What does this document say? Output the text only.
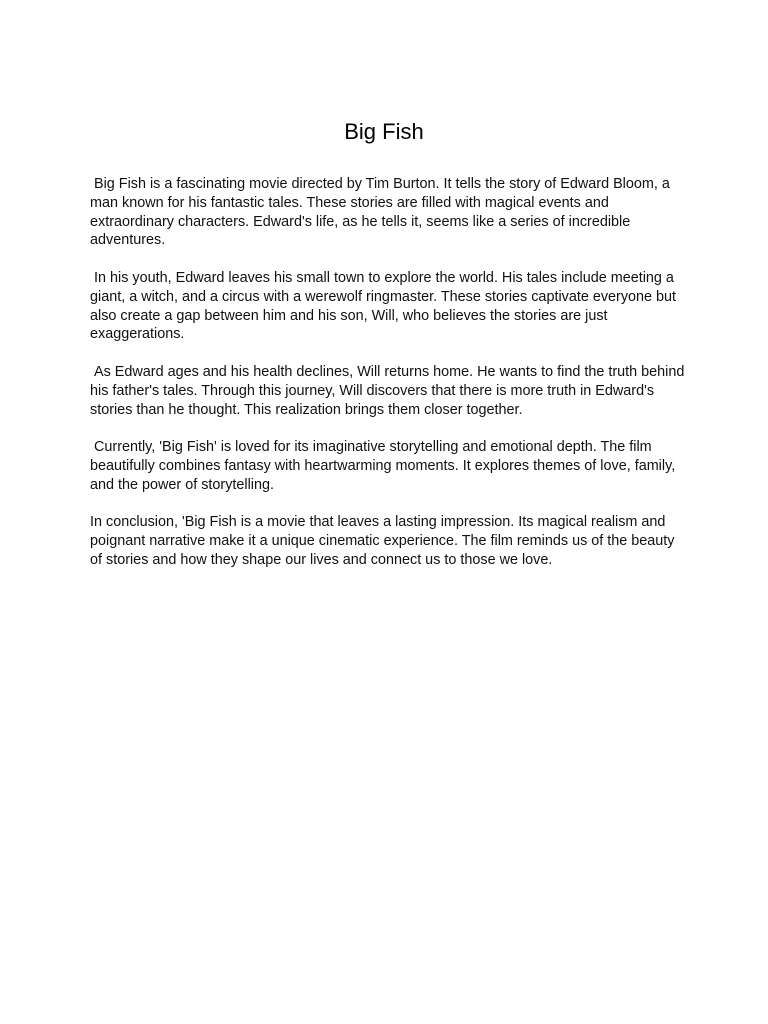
Big Fish

Big Fish is a fascinating movie directed by Tim Burton. It tells the story of Edward Bloom, a man known for his fantastic tales. These stories are filled with magical events and extraordinary characters. Edward's life, as he tells it, seems like a series of incredible adventures.

In his youth, Edward leaves his small town to explore the world. His tales include meeting a giant, a witch, and a circus with a werewolf ringmaster. These stories captivate everyone but also create a gap between him and his son, Will, who believes the stories are just exaggerations.

As Edward ages and his health declines, Will returns home. He wants to find the truth behind his father's tales. Through this journey, Will discovers that there is more truth in Edward's stories than he thought. This realization brings them closer together.

Currently, 'Big Fish' is loved for its imaginative storytelling and emotional depth. The film beautifully combines fantasy with heartwarming moments. It explores themes of love, family, and the power of storytelling.

In conclusion, 'Big Fish is a movie that leaves a lasting impression. Its magical realism and poignant narrative make it a unique cinematic experience. The film reminds us of the beauty of stories and how they shape our lives and connect us to those we love.
